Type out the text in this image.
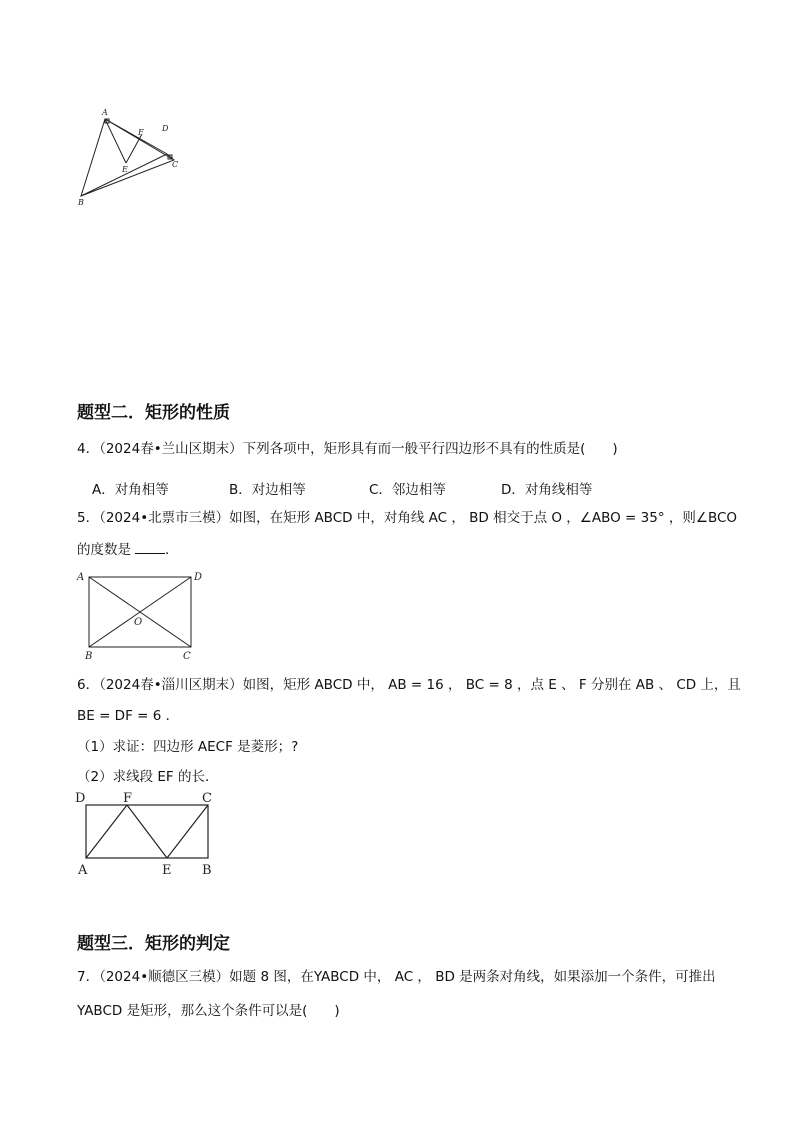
A
B
C
D
E
F
题型二．矩形的性质
4．（2024春•兰山区期末）下列各项中，矩形具有而一般平行四边形不具有的性质是(　　)
A．对角相等	B．对边相等	C．邻边相等	D．对角线相等
5．（2024•北票市三模）如图，在矩形 ABCD 中，对角线 AC ， BD 相交于点 O ，∠ABO = 35° ，则∠BCO
的度数是	．
A	D
O
B	C
6．（2024春•淄川区期末）如图，矩形 ABCD 中， AB = 16 ， BC = 8 ，点 E 、 F 分别在 AB 、 CD 上，且
BE = DF = 6 ．
（1）求证：四边形 AECF 是菱形；?
（2）求线段 EF 的长．
D	F	C
A	E B
题型三．矩形的判定
7．（2024•顺德区三模）如题 8 图，在YABCD 中， AC ， BD 是两条对角线，如果添加一个条件，可推出
YABCD 是矩形，那么这个条件可以是(　　)
